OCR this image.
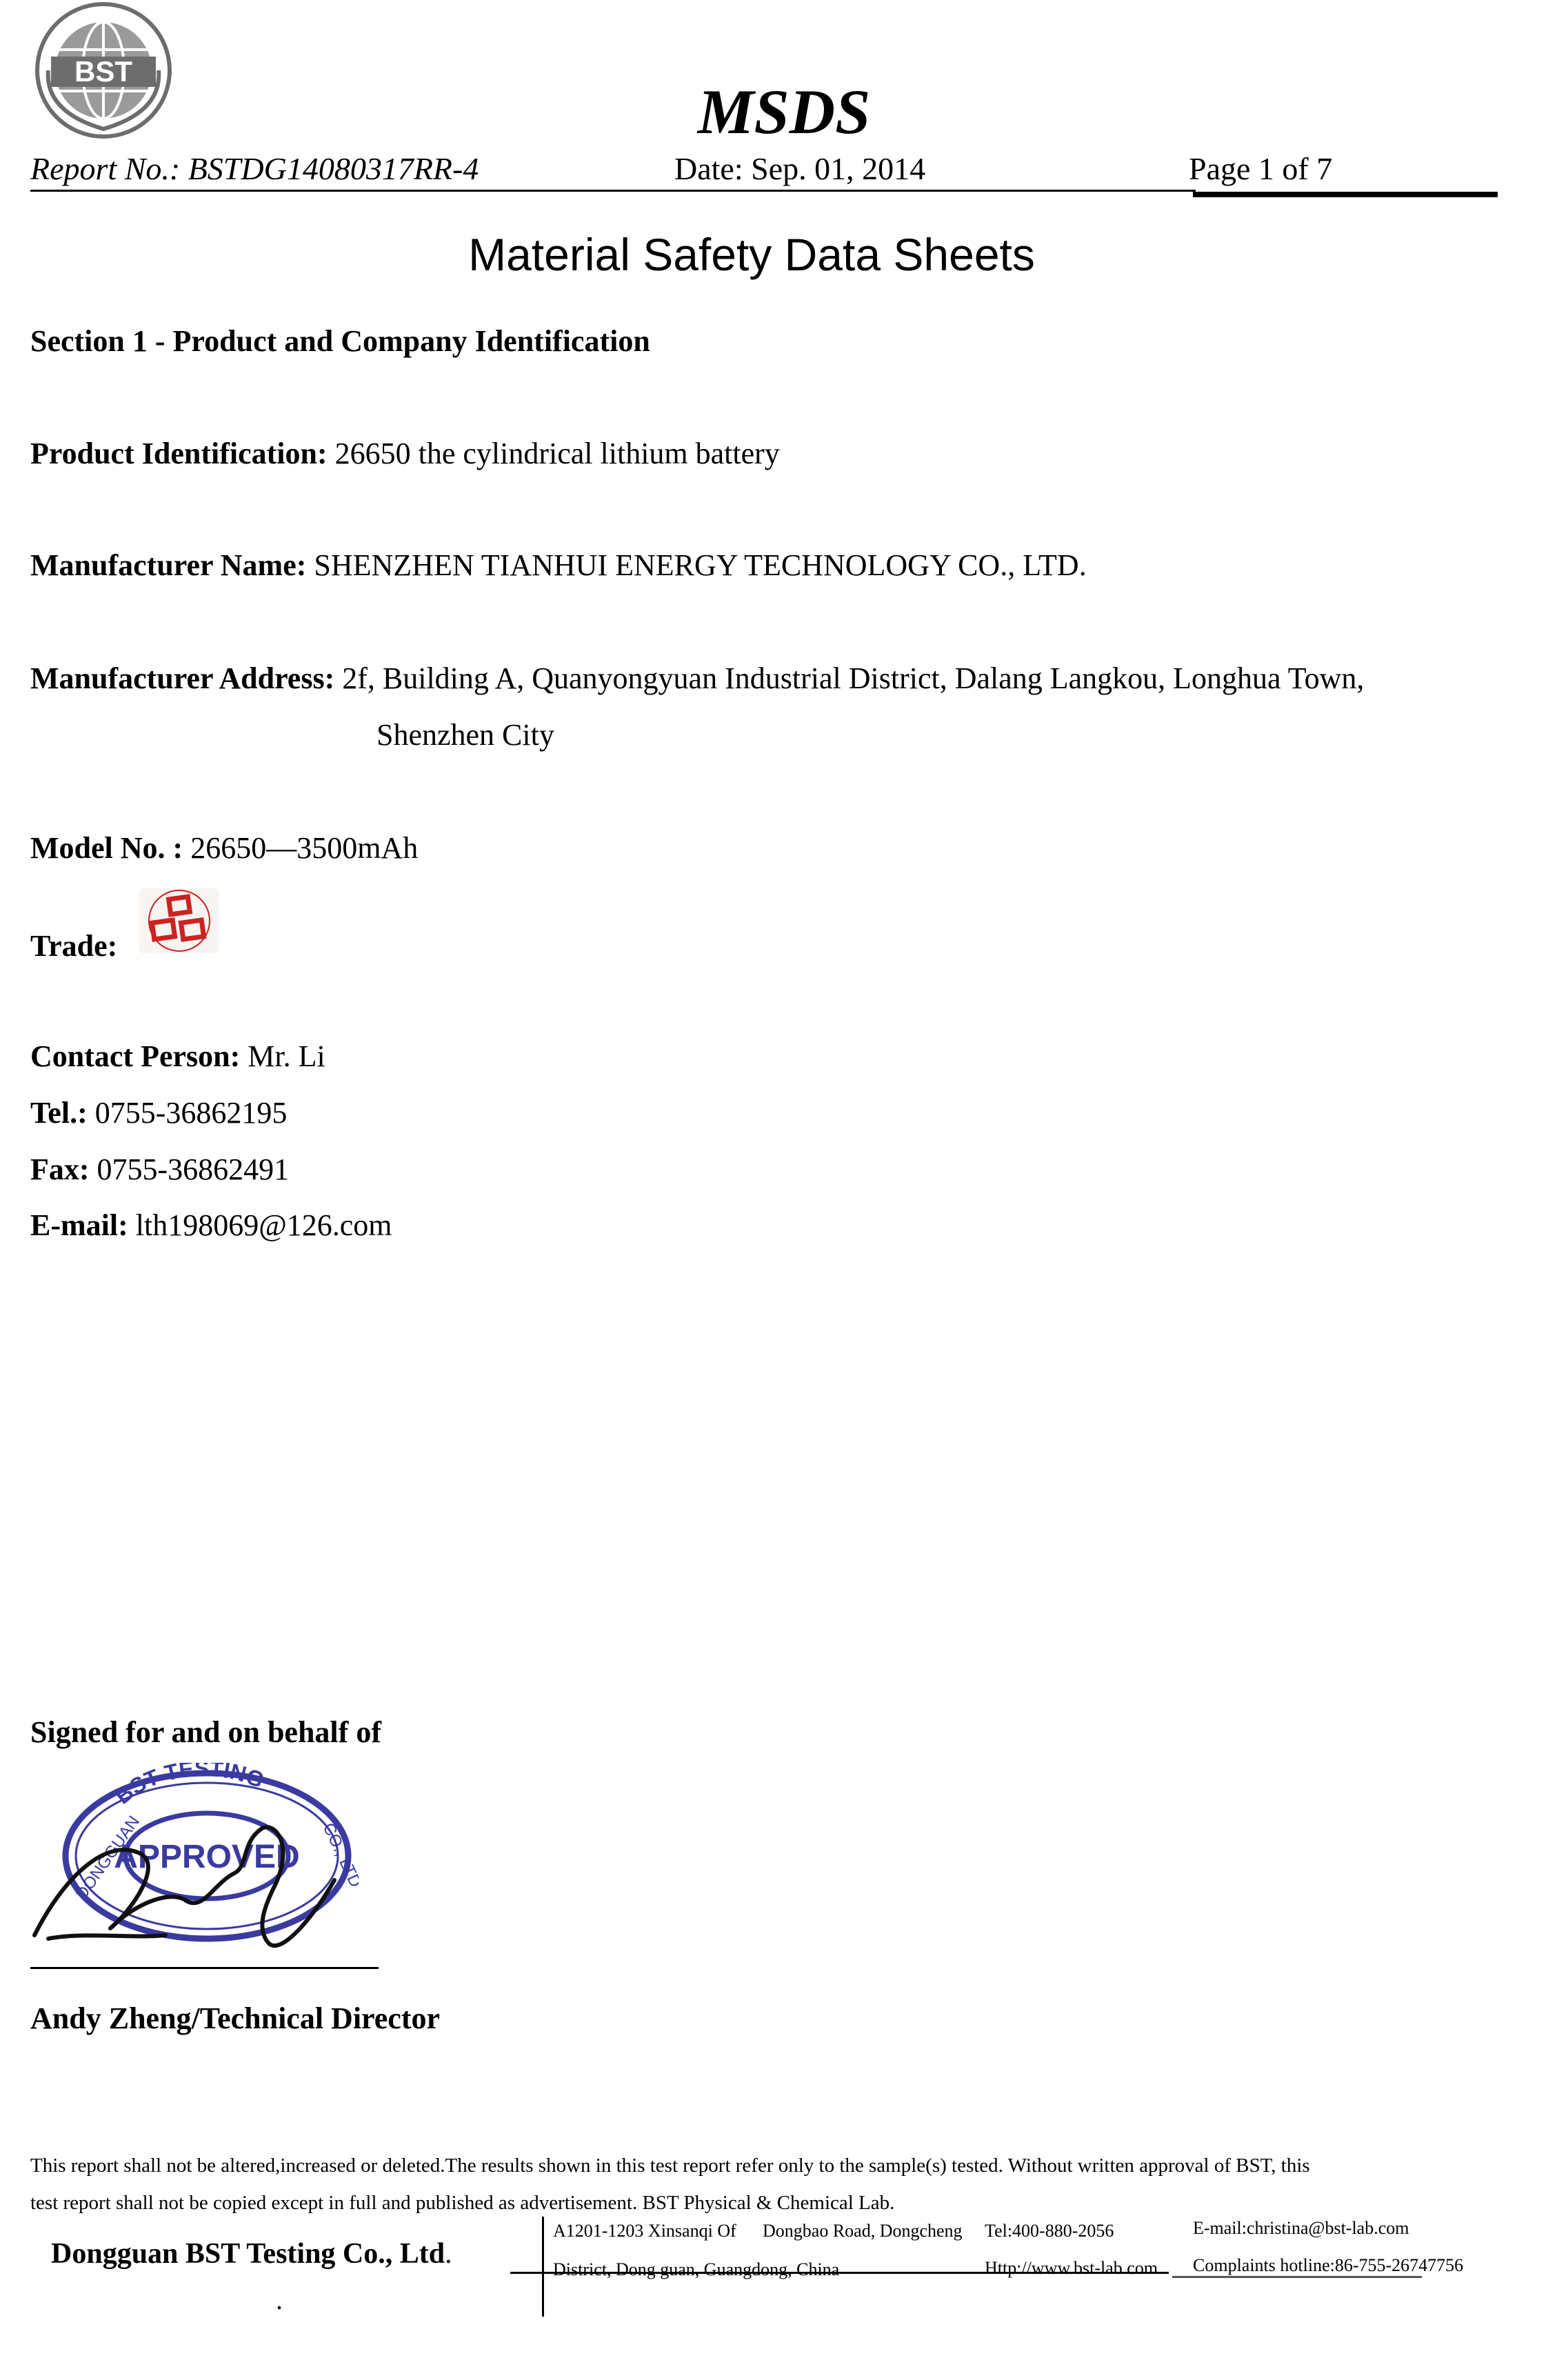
BST
MSDS
Report No.: BSTDG14080317RR-4	Date: Sep. 01, 2014	Page 1 of 7
Material Safety Data Sheets
Section 1 - Product and Company Identification
Product Identification: 26650 the cylindrical lithium battery
Manufacturer Name: SHENZHEN TIANHUI ENERGY TECHNOLOGY CO., LTD.
Manufacturer Address: 2f, Building A, Quanyongyuan Industrial District, Dalang Langkou, Longhua Town,
Shenzhen City
Model No. : 26650—3500mAh
Trade:
Contact Person: Mr. Li
Tel.: 0755-36862195
Fax: 0755-36862491
E-mail: lth198069@126.com
Signed for and on behalf of
BST TESTING
DONGGUAN	CO., LTD
APPROVED
Andy Zheng/Technical Director
This report shall not be altered,increased or deleted.The results shown in this test report refer only to the sample(s) tested. Without written approval of BST, this
test report shall not be copied except in full and published as advertisement. BST Physical & Chemical Lab.
Dongguan BST Testing Co., Ltd.
.
A1201-1203 Xinsanqi Of Dongbao Road, Dongcheng
District, Dong guan, Guangdong, China
Tel:400-880-2056
Http://www.bst-lab.com
E-mail:christina@bst-lab.com
Complaints hotline:86-755-26747756
